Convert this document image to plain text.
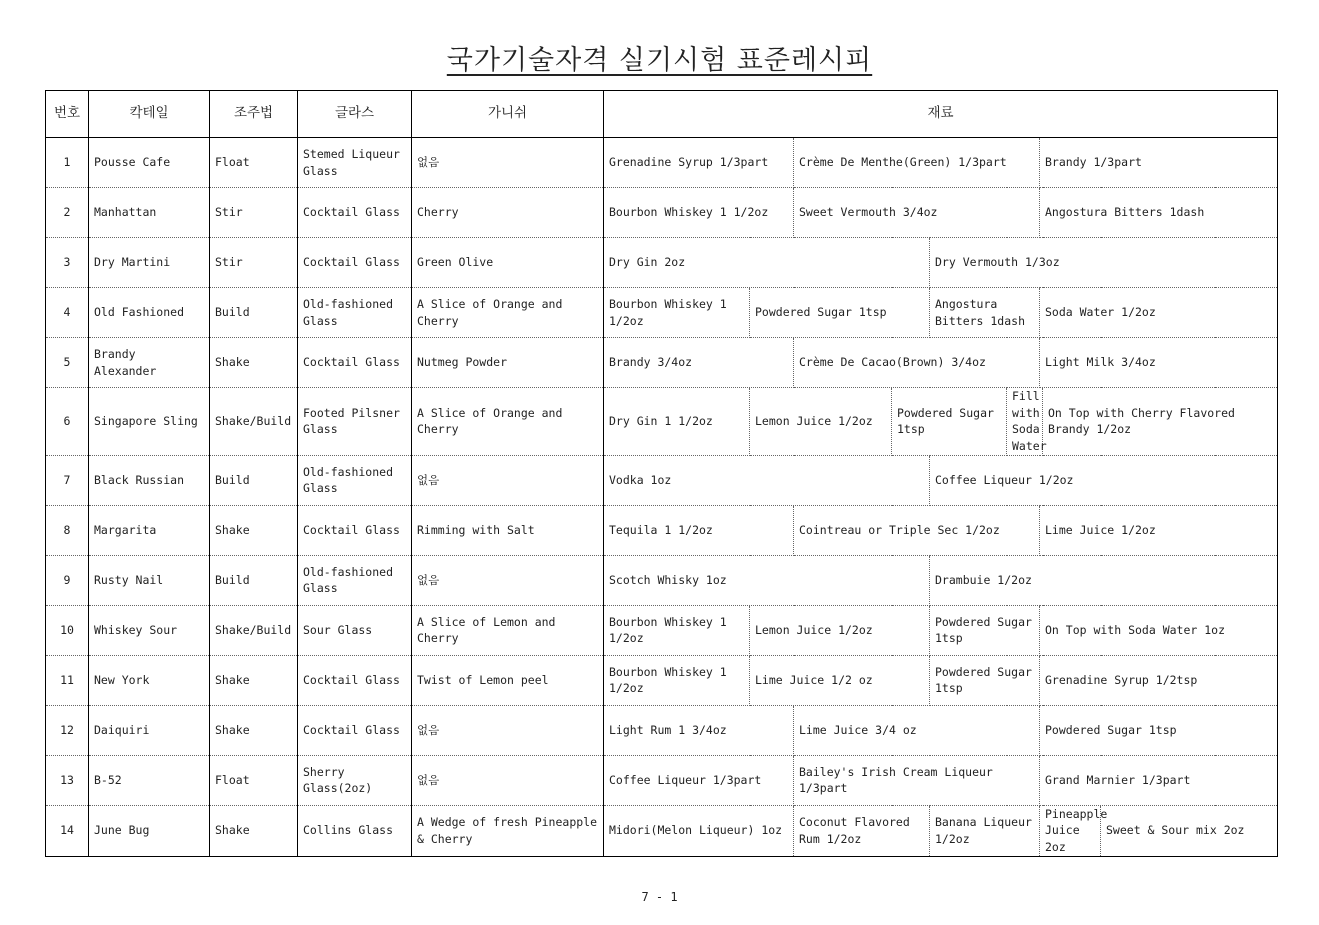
국가기술자격 실기시험 표준레시피
번호	칵테일	조주법	글라스	가니쉬	재료								
1	Pousse Cafe	Float	Stemed Liqueur Glass	없음	Grenadine Syrup 1/3part		Crème De Menthe(Green) 1/3part				Brandy 1/3part		
2	Manhattan	Stir	Cocktail Glass	Cherry	Bourbon Whiskey 1 1/2oz		Sweet Vermouth 3/4oz				Angostura Bitters 1dash		
3	Dry Martini	Stir	Cocktail Glass	Green Olive	Dry Gin 2oz				Dry Vermouth 1/3oz				
4	Old Fashioned	Build	Old-fashioned Glass	A Slice of Orange and Cherry	Bourbon Whiskey 1 1/2oz	Powdered Sugar 1tsp			Angostura Bitters 1dash		Soda Water 1/2oz		
5	Brandy Alexander	Shake	Cocktail Glass	Nutmeg Powder	Brandy 3/4oz		Crème De Cacao(Brown) 3/4oz				Light Milk 3/4oz		
6	Singapore Sling	Shake/Build	Footed Pilsner Glass	A Slice of Orange and Cherry	Dry Gin 1 1/2oz	Lemon Juice 1/2oz		Powdered Sugar 1tsp		Fill with Soda Water		On Top with Cherry Flavored Brandy 1/2oz	
7	Black Russian	Build	Old-fashioned Glass	없음	Vodka 1oz				Coffee Liqueur 1/2oz				
8	Margarita	Shake	Cocktail Glass	Rimming with Salt	Tequila 1 1/2oz		Cointreau or Triple Sec 1/2oz				Lime Juice 1/2oz		
9	Rusty Nail	Build	Old-fashioned Glass	없음	Scotch Whisky 1oz				Drambuie 1/2oz				
10	Whiskey Sour	Shake/Build	Sour Glass	A Slice of Lemon and Cherry	Bourbon Whiskey 1 1/2oz	Lemon Juice 1/2oz			Powdered Sugar 1tsp		On Top with Soda Water 1oz		
11	New York	Shake	Cocktail Glass	Twist of Lemon peel	Bourbon Whiskey 1 1/2oz	Lime Juice 1/2 oz			Powdered Sugar 1tsp		Grenadine Syrup 1/2tsp		
12	Daiquiri	Shake	Cocktail Glass	없음	Light Rum 1 3/4oz		Lime Juice 3/4 oz				Powdered Sugar 1tsp		
13	B-52	Float	Sherry Glass(2oz)	없음	Coffee Liqueur 1/3part		Bailey's Irish Cream Liqueur 1/3part				Grand Marnier 1/3part		
14	June Bug	Shake	Collins Glass	A Wedge of fresh Pineapple & Cherry	Midori(Melon Liqueur) 1oz		Coconut Flavored Rum 1/2oz		Banana Liqueur 1/2oz		Pineapple Juice 2oz		Sweet & Sour mix 2oz
7 - 1
